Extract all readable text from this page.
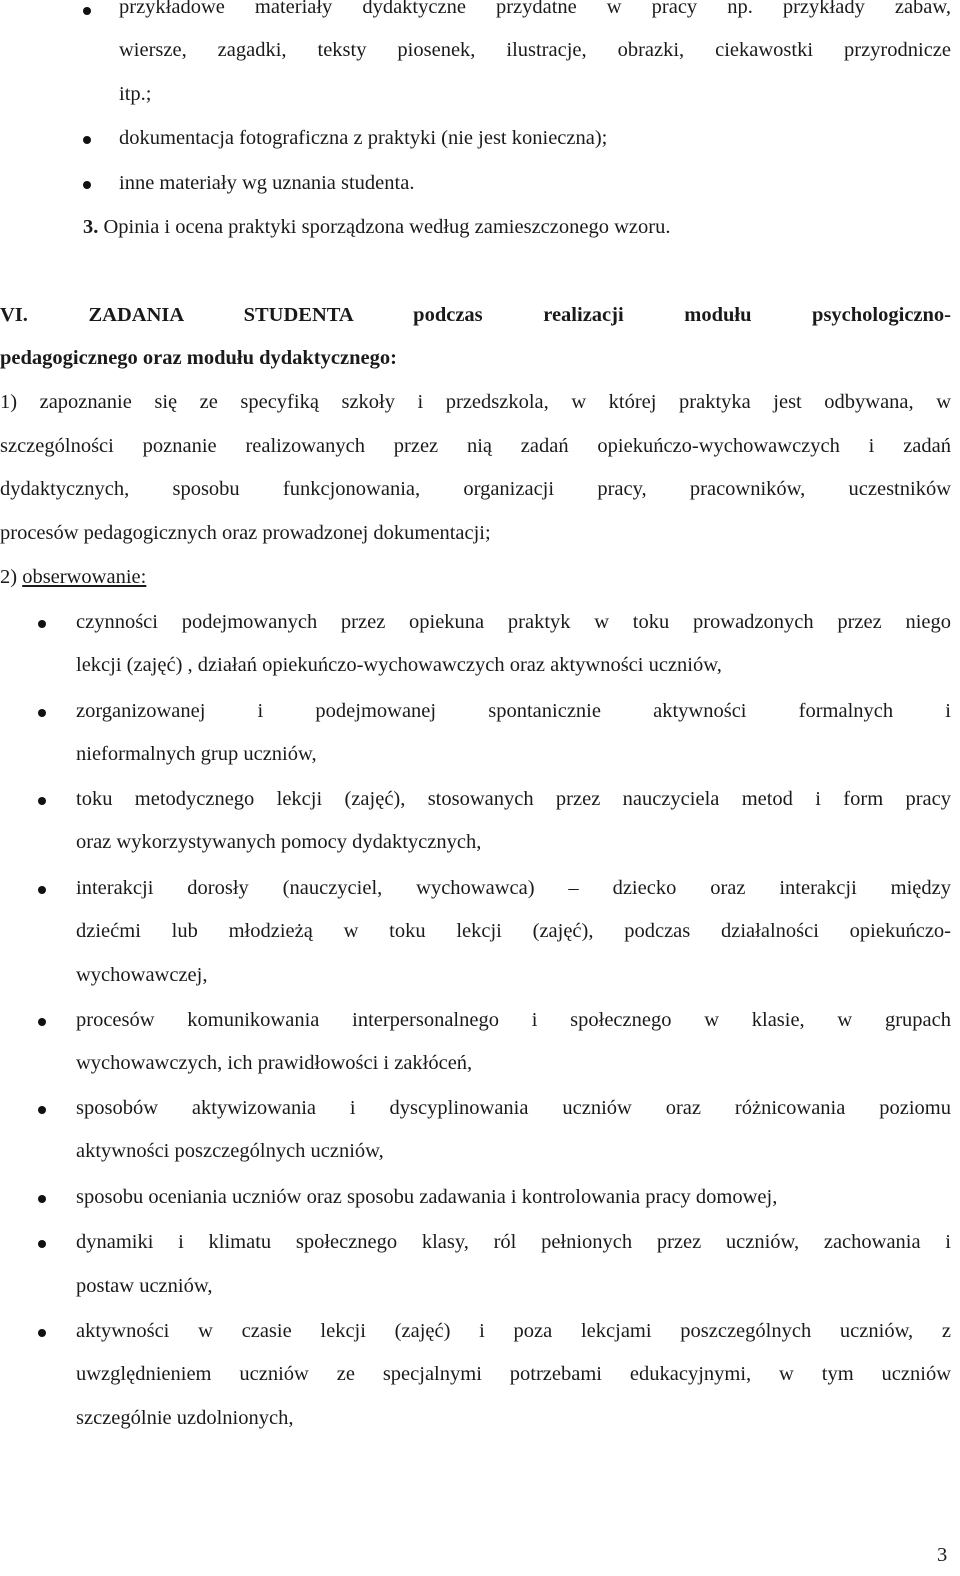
przykładowe materiały dydaktyczne przydatne w pracy np. przykłady zabaw,
wiersze, zagadki, teksty piosenek, ilustracje, obrazki, ciekawostki przyrodnicze
itp.;
dokumentacja fotograficzna z praktyki (nie jest konieczna);
inne materiały wg uznania studenta.
3. Opinia i ocena praktyki sporządzona według zamieszczonego wzoru.
VI. ZADANIA STUDENTA podczas realizacji modułu psychologiczno-
pedagogicznego oraz modułu dydaktycznego:
1) zapoznanie się ze specyfiką szkoły i przedszkola, w której praktyka jest odbywana, w
szczególności poznanie realizowanych przez nią zadań opiekuńczo-wychowawczych i zadań
dydaktycznych, sposobu funkcjonowania, organizacji pracy, pracowników, uczestników
procesów pedagogicznych oraz prowadzonej dokumentacji;
2) obserwowanie:
czynności podejmowanych przez opiekuna praktyk w toku prowadzonych przez niego
lekcji (zajęć) , działań opiekuńczo-wychowawczych oraz aktywności uczniów,
zorganizowanej i podejmowanej spontanicznie aktywności formalnych i
nieformalnych grup uczniów,
toku metodycznego lekcji (zajęć), stosowanych przez nauczyciela metod i form pracy
oraz wykorzystywanych pomocy dydaktycznych,
interakcji dorosły (nauczyciel, wychowawca) – dziecko oraz interakcji między
dziećmi lub młodzieżą w toku lekcji (zajęć), podczas działalności opiekuńczo-
wychowawczej,
procesów komunikowania interpersonalnego i społecznego w klasie, w grupach
wychowawczych, ich prawidłowości i zakłóceń,
sposobów aktywizowania i dyscyplinowania uczniów oraz różnicowania poziomu
aktywności poszczególnych uczniów,
sposobu oceniania uczniów oraz sposobu zadawania i kontrolowania pracy domowej,
dynamiki i klimatu społecznego klasy, ról pełnionych przez uczniów, zachowania i
postaw uczniów,
aktywności w czasie lekcji (zajęć) i poza lekcjami poszczególnych uczniów, z
uwzględnieniem uczniów ze specjalnymi potrzebami edukacyjnymi, w tym uczniów
szczególnie uzdolnionych,
3
